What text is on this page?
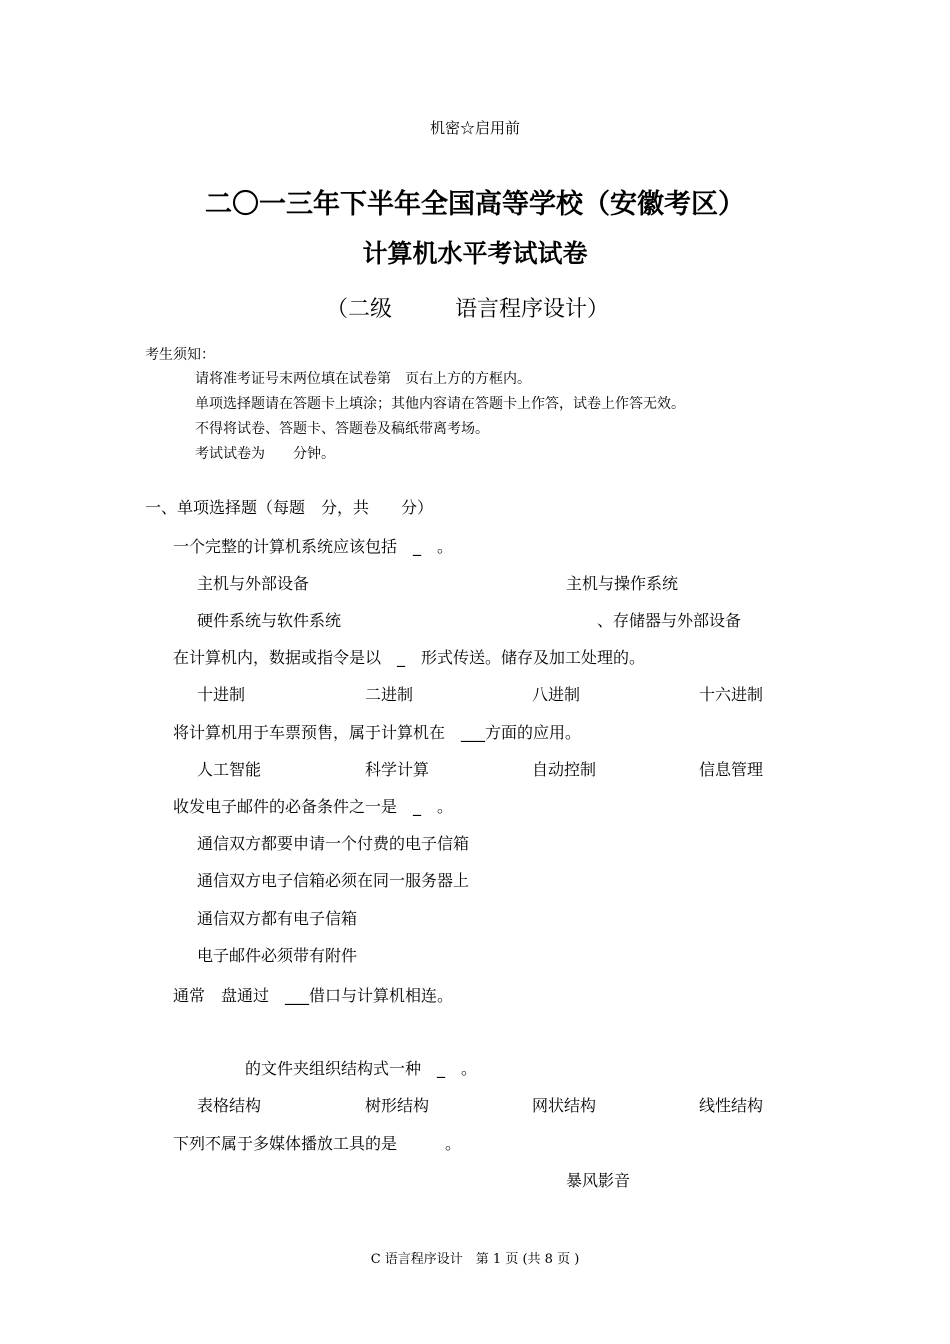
机密☆启用前
二〇一三年下半年全国高等学校（安徽考区）
计算机水平考试试卷
（二级	语言程序设计）
考生须知：
请将准考证号末两位填在试卷第　页右上方的方框内。
单项选择题请在答题卡上填涂；其他内容请在答题卡上作答，试卷上作答无效。
不得将试卷、答题卡、答题卷及稿纸带离考场。
考试试卷为　　分钟。
一、单项选择题（每题　分，共　　分）
一个完整的计算机系统应该包括　_　。
主机与外部设备	主机与操作系统
硬件系统与软件系统	、存储器与外部设备
在计算机内，数据或指令是以　_　形式传送。储存及加工处理的。
十进制	二进制	八进制	十六进制
将计算机用于车票预售，属于计算机在　___方面的应用。
人工智能	科学计算	自动控制	信息管理
收发电子邮件的必备条件之一是　_　。
通信双方都要申请一个付费的电子信箱
通信双方电子信箱必须在同一服务器上
通信双方都有电子信箱
电子邮件必须带有附件
通常　盘通过　___借口与计算机相连。
的文件夹组织结构式一种　_　。
表格结构	树形结构	网状结构	线性结构
下列不属于多媒体播放工具的是　　　。
暴风影音
C 语言程序设计　第 1 页 (共 8 页 )
